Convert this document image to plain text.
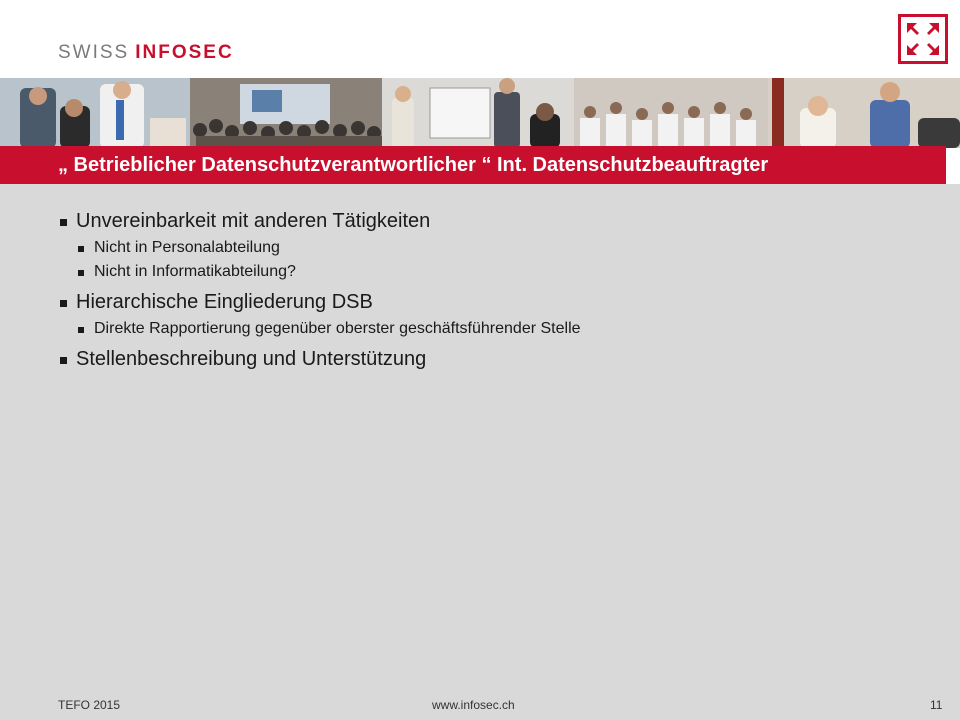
SWISS INFOSEC
„ Betrieblicher Datenschutzverantwortlicher “ Int. Datenschutzbeauftragter
Unvereinbarkeit mit anderen Tätigkeiten
Nicht in Personalabteilung
Nicht in Informatikabteilung?
Hierarchische Eingliederung DSB
Direkte Rapportierung gegenüber oberster geschäftsführender Stelle
Stellenbeschreibung und Unterstützung
TEFO 2015	www.infosec.ch	11
